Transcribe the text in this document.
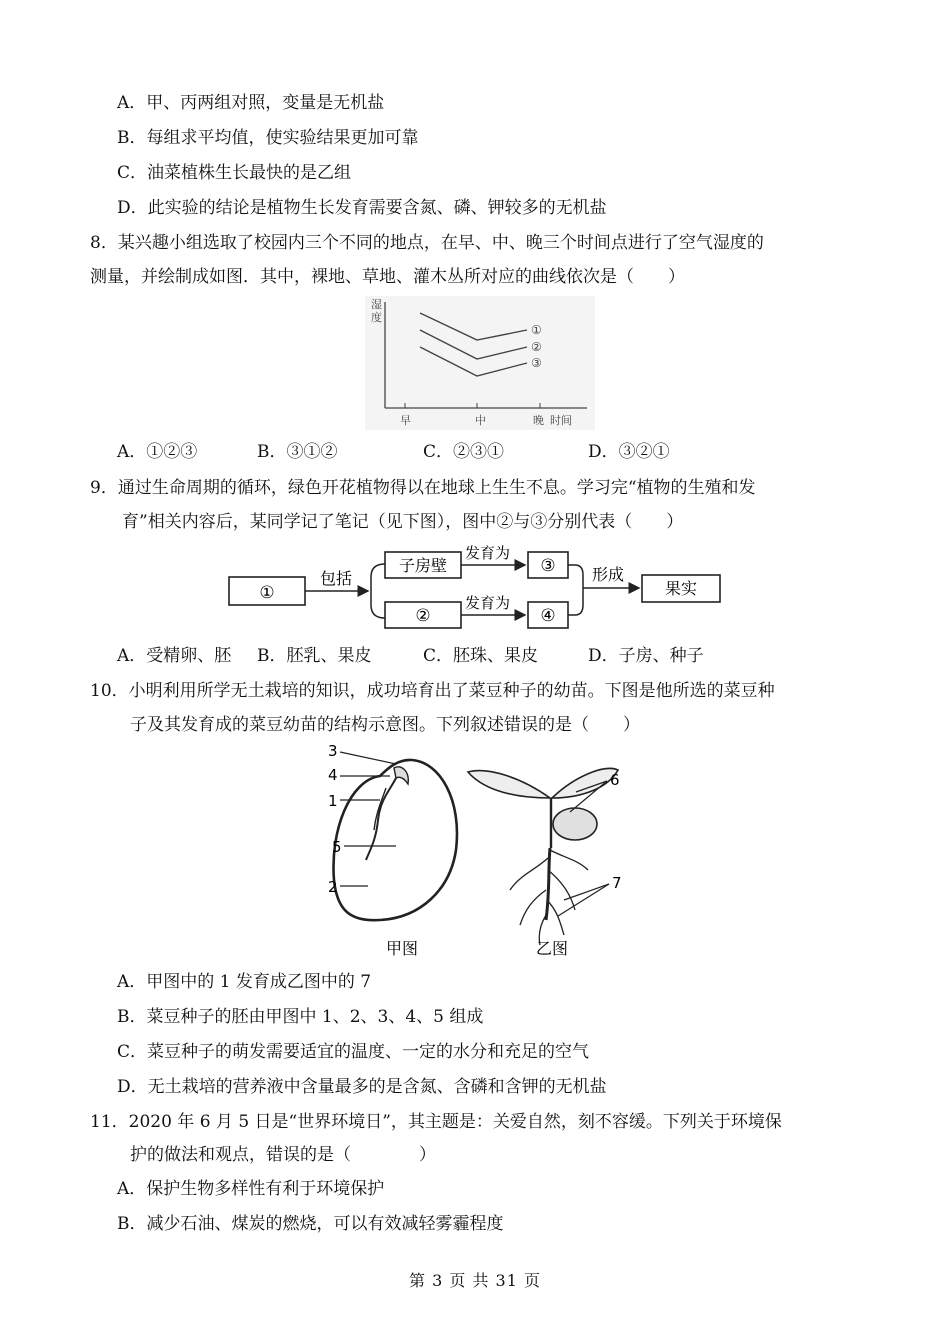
A．甲、丙两组对照，变量是无机盐
B．每组求平均值，使实验结果更加可靠
C．油菜植株生长最快的是乙组
D．此实验的结论是植物生长发育需要含氮、磷、钾较多的无机盐
8．某兴趣小组选取了校园内三个不同的地点，在早、中、晚三个时间点进行了空气湿度的
测量，并绘制成如图．其中，裸地、草地、灌木丛所对应的曲线依次是（　　）
湿
度
早	中	晚 时间
①
②
③
A．①②③	B．③①②	C．②③①	D．③②①
9．通过生命周期的循环，绿色开花植物得以在地球上生生不息。学习完“植物的生殖和发
育”相关内容后，某同学记了笔记（见下图），图中②与③分别代表（　　）
①
包括
子房壁
②
发育为
发育为
③
④
形成
果实
A．受精卵、胚 B．胚乳、果皮	C．胚珠、果皮	D．子房、种子
10．小明利用所学无土栽培的知识，成功培育出了菜豆种子的幼苗。下图是他所选的菜豆种
子及其发育成的菜豆幼苗的结构示意图。下列叙述错误的是（　　）
3
4
1
5
2
6
7
甲图	乙图
A．甲图中的 1 发育成乙图中的 7
B．菜豆种子的胚由甲图中 1、2、3、4、5 组成
C．菜豆种子的萌发需要适宜的温度、一定的水分和充足的空气
D．无土栽培的营养液中含量最多的是含氮、含磷和含钾的无机盐
11．2020 年 6 月 5 日是“世界环境日”，其主题是：关爱自然，刻不容缓。下列关于环境保
护的做法和观点，错误的是（　　　　）
A．保护生物多样性有利于环境保护
B．减少石油、煤炭的燃烧，可以有效减轻雾霾程度
第 3 页 共 31 页
